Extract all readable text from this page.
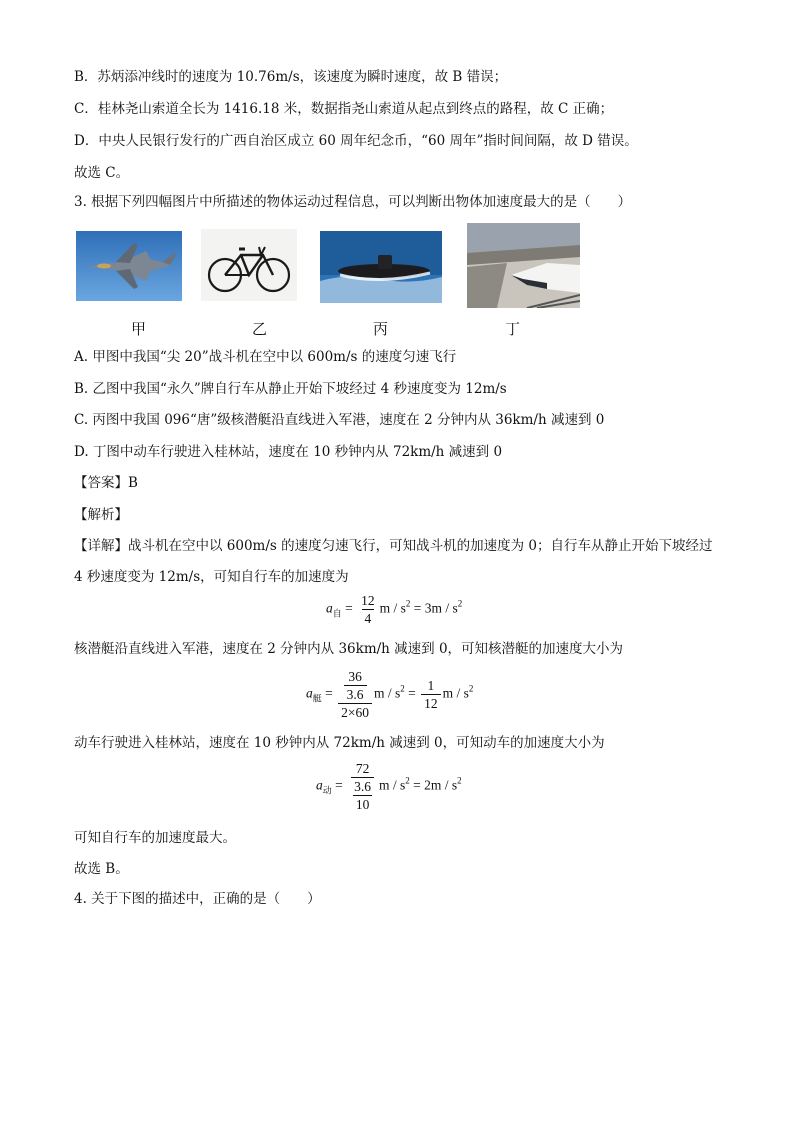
B．苏炳添冲线时的速度为 10.76m/s，该速度为瞬时速度，故 B 错误；
C．桂林尧山索道全长为 1416.18 米，数据指尧山索道从起点到终点的路程，故 C 正确；
D．中央人民银行发行的广西自治区成立 60 周年纪念币，“60 周年”指时间间隔，故 D 错误。
故选 C。
3. 根据下列四幅图片中所描述的物体运动过程信息，可以判断出物体加速度最大的是（　　）
甲	乙	丙	丁
A. 甲图中我国“尖 20”战斗机在空中以 600m/s 的速度匀速飞行
B. 乙图中我国“永久”牌自行车从静止开始下坡经过 4 秒速度变为 12m/s
C. 丙图中我国 096“唐”级核潜艇沿直线进入军港，速度在 2 分钟内从 36km/h 减速到 0
D. 丁图中动车行驶进入桂林站，速度在 10 秒钟内从 72km/h 减速到 0
【答案】B
【解析】
【详解】战斗机在空中以 600m/s 的速度匀速飞行，可知战斗机的加速度为 0；自行车从静止开始下坡经过
4 秒速度变为 12m/s，可知自行车的加速度为
$a_自 = \frac{12}{4}$ $m / s^2 = 3m / s^2$
核潜艇沿直线进入军港，速度在 2 分钟内从 36km/h 减速到 0，可知核潜艇的加速度大小为
$a_艇 = \frac{\frac{36}{3.6}}{2\times 60}$ $m / s^2 = \frac{1}{12}$ m / $s^2$
动车行驶进入桂林站，速度在 10 秒钟内从 72km/h 减速到 0，可知动车的加速度大小为
$a_动 = \frac{\frac{72}{3.6}}{10}$ $m / s^2 = 2m / s^2$
可知自行车的加速度最大。
故选 B。
4. 关于下图的描述中，正确的是（　　）
